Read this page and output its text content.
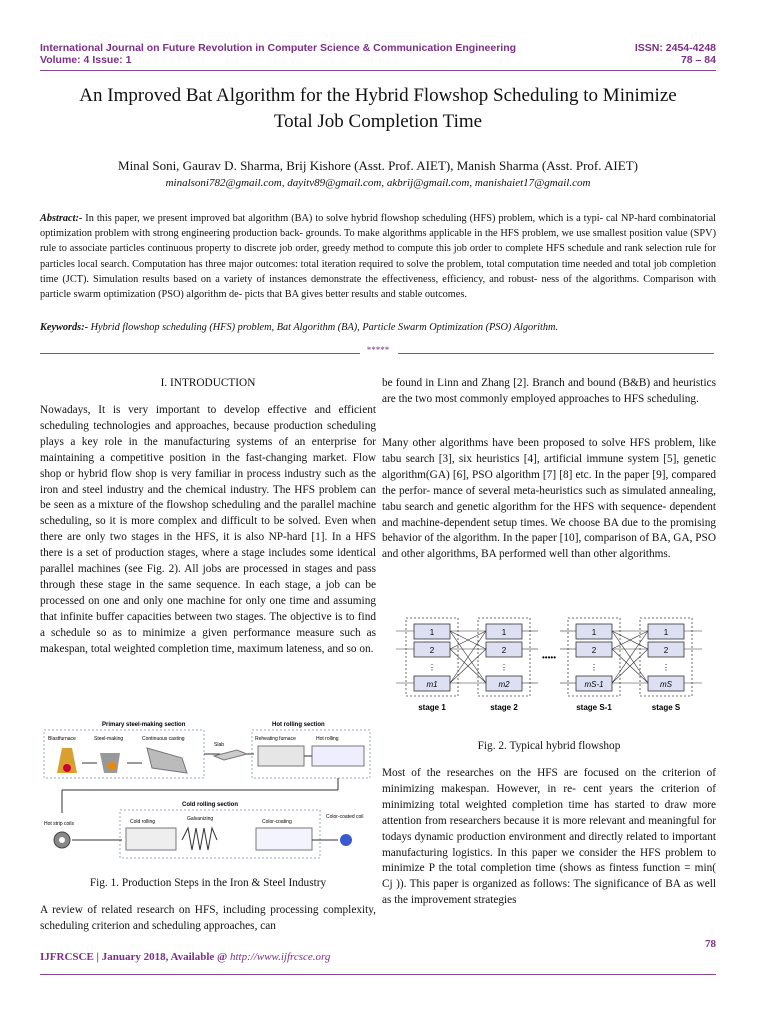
International Journal on Future Revolution in Computer Science & Communication Engineering	ISSN: 2454-4248
Volume: 4 Issue: 1	78 – 84
An Improved Bat Algorithm for the Hybrid Flowshop Scheduling to Minimize
Total Job Completion Time
Minal Soni, Gaurav D. Sharma, Brij Kishore (Asst. Prof. AIET), Manish Sharma (Asst. Prof. AIET)
minalsoni782@gmail.com, dayitv89@gmail.com, akbrij@gmail.com, manishaiet17@gmail.com
Abstract:- In this paper, we present improved bat algorithm (BA) to solve hybrid flowshop scheduling (HFS) problem, which is a typi- cal NP-hard combinatorial optimization problem with strong engineering production back- grounds. To make algorithms applicable in the HFS problem, we use smallest position value (SPV) rule to associate particles continuous property to discrete job order, greedy method to compute this job order to complete HFS schedule and rank selection rule for particles local search. Computation has three major outcomes: total iteration required to solve the problem, total computation time needed and total job completion time (JCT). Simulation results based on a variety of instances demonstrate the effectiveness, efficiency, and robust- ness of the algorithms. Comparison with particle swarm optimization (PSO) algorithm de- picts that BA gives better results and stable outcomes.
Keywords:- Hybrid flowshop scheduling (HFS) problem, Bat Algorithm (BA), Particle Swarm Optimization (PSO) Algorithm.
*****
I. INTRODUCTION
Nowadays, It is very important to develop effective and efficient scheduling technologies and approaches, because production scheduling plays a key role in the manufacturing systems of an enterprise for maintaining a competitive position in the fast-changing market. Flow shop or hybrid flow shop is very familiar in process industry such as the iron and steel industry and the chemical industry. The HFS problem can be seen as a mixture of the flowshop scheduling and the parallel machine scheduling, so it is more complex and difficult to be solved. Even when there are only two stages in the HFS, it is also NP-hard [1]. In a HFS there is a set of production stages, where a stage includes some identical parallel machines (see Fig. 2). All jobs are processed in stages and pass through these stage in the same sequence. In each stage, a job can be processed on one and only one machine for only one time and assuming that infinite buffer capacities between two stages. The objective is to find a schedule so as to minimize a given performance measure such as makespan, total weighted completion time, maximum lateness, and so on.
Primary steel-making section	Hot rolling section
Blastfurnace	Steel-making	Continuous casting
Slab
Reheating furnace	Hot rolling
Cold rolling section
Hot strip coils	Cold rolling	Galvanizing	Color-coating
Color-coated coil
Fig. 1. Production Steps in the Iron & Steel Industry
A review of related research on HFS, including processing complexity, scheduling criterion and scheduling approaches, can
be found in Linn and Zhang [2]. Branch and bound (B&B) and heuristics are the two most commonly employed approaches to HFS scheduling.
Many other algorithms have been proposed to solve HFS problem, like tabu search [3], six heuristics [4], artificial immune system [5], genetic algorithm(GA) [6], PSO algorithm [7] [8] etc. In the paper [9], compared the perfor- mance of several meta-heuristics such as simulated annealing, tabu search and genetic algorithm for the HFS with sequence- dependent and machine-dependent setup times. We choose BA due to the promising behavior of the algorithm. In the paper [10], comparison of BA, GA, PSO and other algorithms, BA performed well than other algorithms.
1
2
⋮
m1
1
2
⋮
m2
1
2
⋮
mS-1
1
2
⋮
mS
•••••
stage 1	stage 2	stage S-1	stage S
Fig. 2. Typical hybrid flowshop
Most of the researches on the HFS are focused on the criterion of minimizing makespan. However, in re- cent years the criterion of minimizing total weighted completion time has started to draw more attention from researchers because it is more relevant and meaningful for todays dynamic production environment and directly related to important manufacturing logistics. In this paper we consider the HFS problem to minimize P the total completion time (shows as fintess function = min( Cj )). This paper is organized as follows: The significance of BA as well as the improvement strategies
78
IJFRCSCE | January 2018, Available @ http://www.ijfrcsce.org
